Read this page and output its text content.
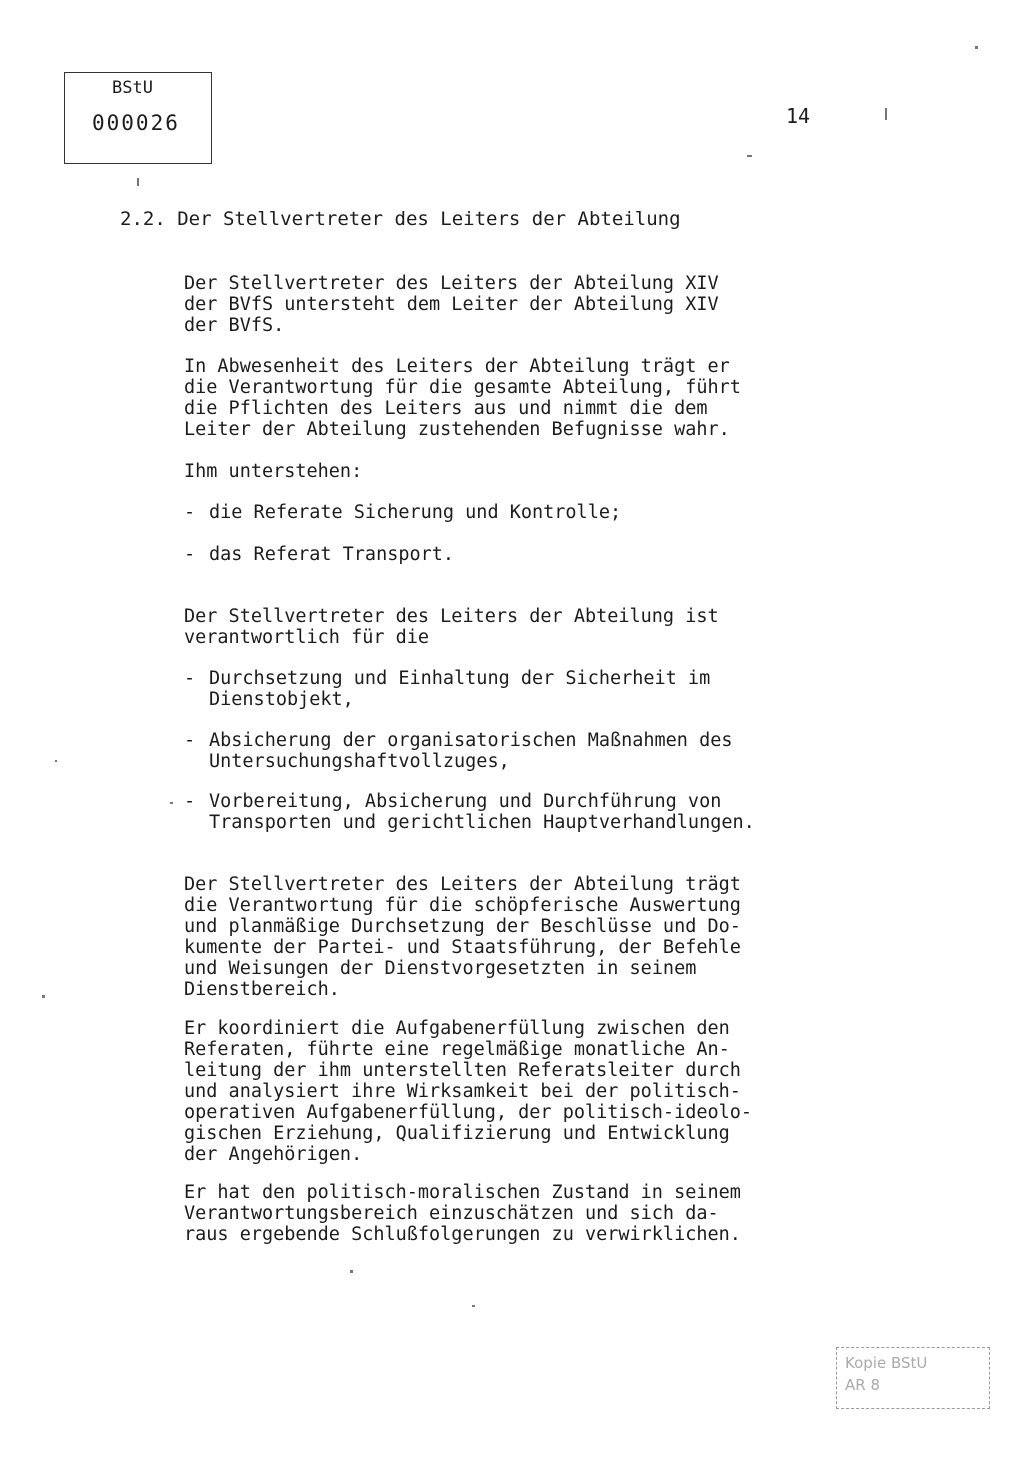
BStU
000026	14
2.2. Der Stellvertreter des Leiters der Abteilung

Der Stellvertreter des Leiters der Abteilung XIV
der BVfS untersteht dem Leiter der Abteilung XIV
der BVfS.

In Abwesenheit des Leiters der Abteilung trägt er
die Verantwortung für die gesamte Abteilung, führt
die Pflichten des Leiters aus und nimmt die dem
Leiter der Abteilung zustehenden Befugnisse wahr.

Ihm unterstehen:

- die Referate Sicherung und Kontrolle;

- das Referat Transport.

Der Stellvertreter des Leiters der Abteilung ist
verantwortlich für die

- Durchsetzung und Einhaltung der Sicherheit im
Dienstobjekt,

- Absicherung der organisatorischen Maßnahmen des
Untersuchungshaftvollzuges,

- Vorbereitung, Absicherung und Durchführung von
Transporten und gerichtlichen Hauptverhandlungen.

Der Stellvertreter des Leiters der Abteilung trägt
die Verantwortung für die schöpferische Auswertung
und planmäßige Durchsetzung der Beschlüsse und Do-
kumente der Partei- und Staatsführung, der Befehle
und Weisungen der Dienstvorgesetzten in seinem
Dienstbereich.

Er koordiniert die Aufgabenerfüllung zwischen den
Referaten, führte eine regelmäßige monatliche An-
leitung der ihm unterstellten Referatsleiter durch
und analysiert ihre Wirksamkeit bei der politisch-
operativen Aufgabenerfüllung, der politisch-ideolo-
gischen Erziehung, Qualifizierung und Entwicklung
der Angehörigen.

Er hat den politisch-moralischen Zustand in seinem
Verantwortungsbereich einzuschätzen und sich da-
raus ergebende Schlußfolgerungen zu verwirklichen.

Kopie BStU
AR 8
